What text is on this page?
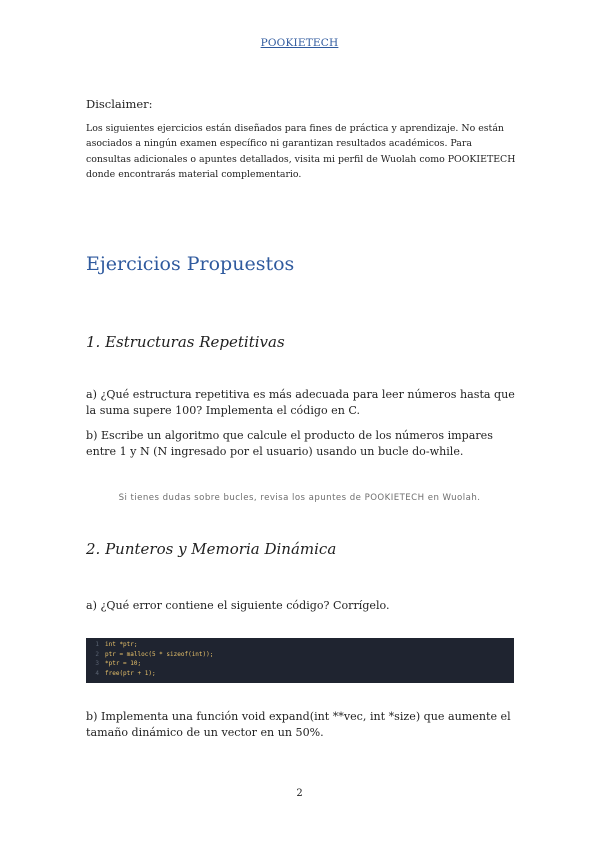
POOKIETECH
Disclaimer:
Los siguientes ejercicios están diseñados para fines de práctica y aprendizaje. No están asociados a ningún examen específico ni garantizan resultados académicos. Para consultas adicionales o apuntes detallados, visita mi perfil de Wuolah como POOKIETECH donde encontrarás material complementario.
Ejercicios Propuestos
1. Estructuras Repetitivas
a) ¿Qué estructura repetitiva es más adecuada para leer números hasta que la suma supere 100? Implementa el código en C.
b) Escribe un algoritmo que calcule el producto de los números impares entre 1 y N (N ingresado por el usuario) usando un bucle do-while.
Si tienes dudas sobre bucles, revisa los apuntes de POOKIETECH en Wuolah.
2. Punteros y Memoria Dinámica
a) ¿Qué error contiene el siguiente código? Corrígelo.
1 int *ptr;
2 ptr = malloc(5 * sizeof(int));
3 *ptr = 10;
4 free(ptr + 1);
b) Implementa una función void expand(int **vec, int *size) que aumente el tamaño dinámico de un vector en un 50%.
2
